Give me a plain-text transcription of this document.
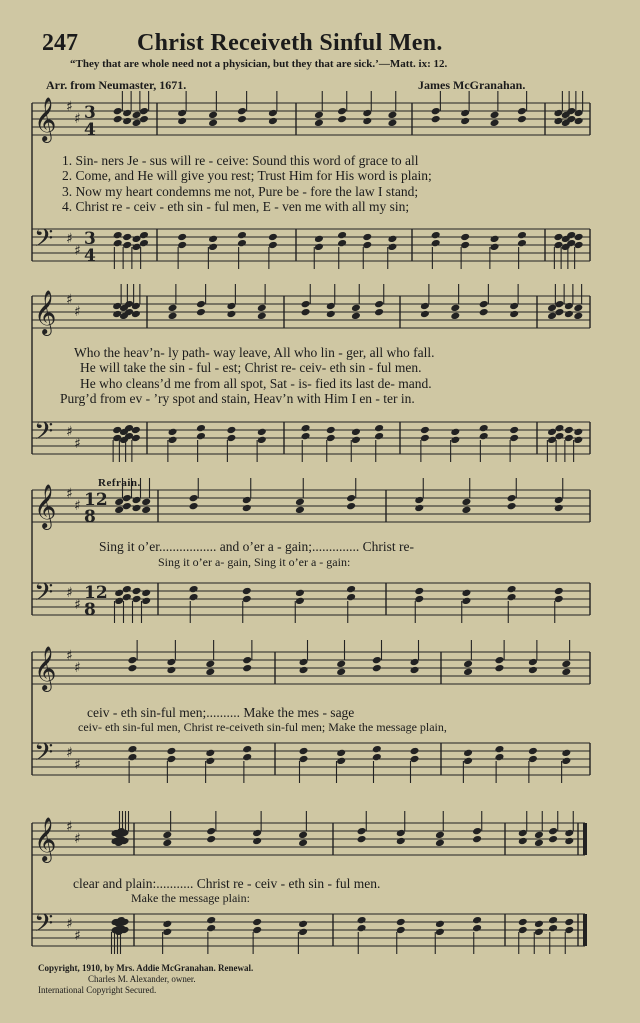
𝄞 ♯
♯ 3
4
𝄢 ♯
♯
3
4
𝄞 ♯
♯
𝄢 ♯
♯
𝄞 ♯
♯ 12
8
𝄢 ♯
♯
12
8
𝄞 ♯
♯
𝄢 ♯
♯
𝄞 ♯
♯
𝄢 ♯
♯
247 Christ Receiveth Sinful Men.
“They that are whole need not a physician, but they that are sick.’—Matt. ix: 12.
Arr. from Neumaster, 1671.	James McGranahan.
1. Sin- ners Je - sus will re - ceive: Sound this word of grace to all
2. Come, and He will give you rest; Trust Him for His word is plain;
3. Now my heart condemns me not, Pure be - fore the law I stand;
4. Christ re - ceiv - eth sin - ful men, E - ven me with all my sin;
Who the heav’n- ly path- way leave, All who lin - ger, all who fall.
He will take the sin - ful - est; Christ re- ceiv- eth sin - ful men.
He who cleans’d me from all spot, Sat - is- fied its last de- mand.
Purg’d from ev - ’ry spot and stain, Heav’n with Him I en - ter in.
Refrain.
Sing it o’er................. and o’er a - gain;.............. Christ re-
Sing it o’er a- gain, Sing it o’er a - gain:
ceiv - eth sin-ful men;.......... Make the mes - sage
ceiv- eth sin-ful men, Christ re-ceiveth sin-ful men; Make the message plain,
clear and plain:........... Christ re - ceiv - eth sin - ful men.
Make the message plain:
Copyright, 1910, by Mrs. Addie McGranahan. Renewal.
Charles M. Alexander, owner.
International Copyright Secured.
